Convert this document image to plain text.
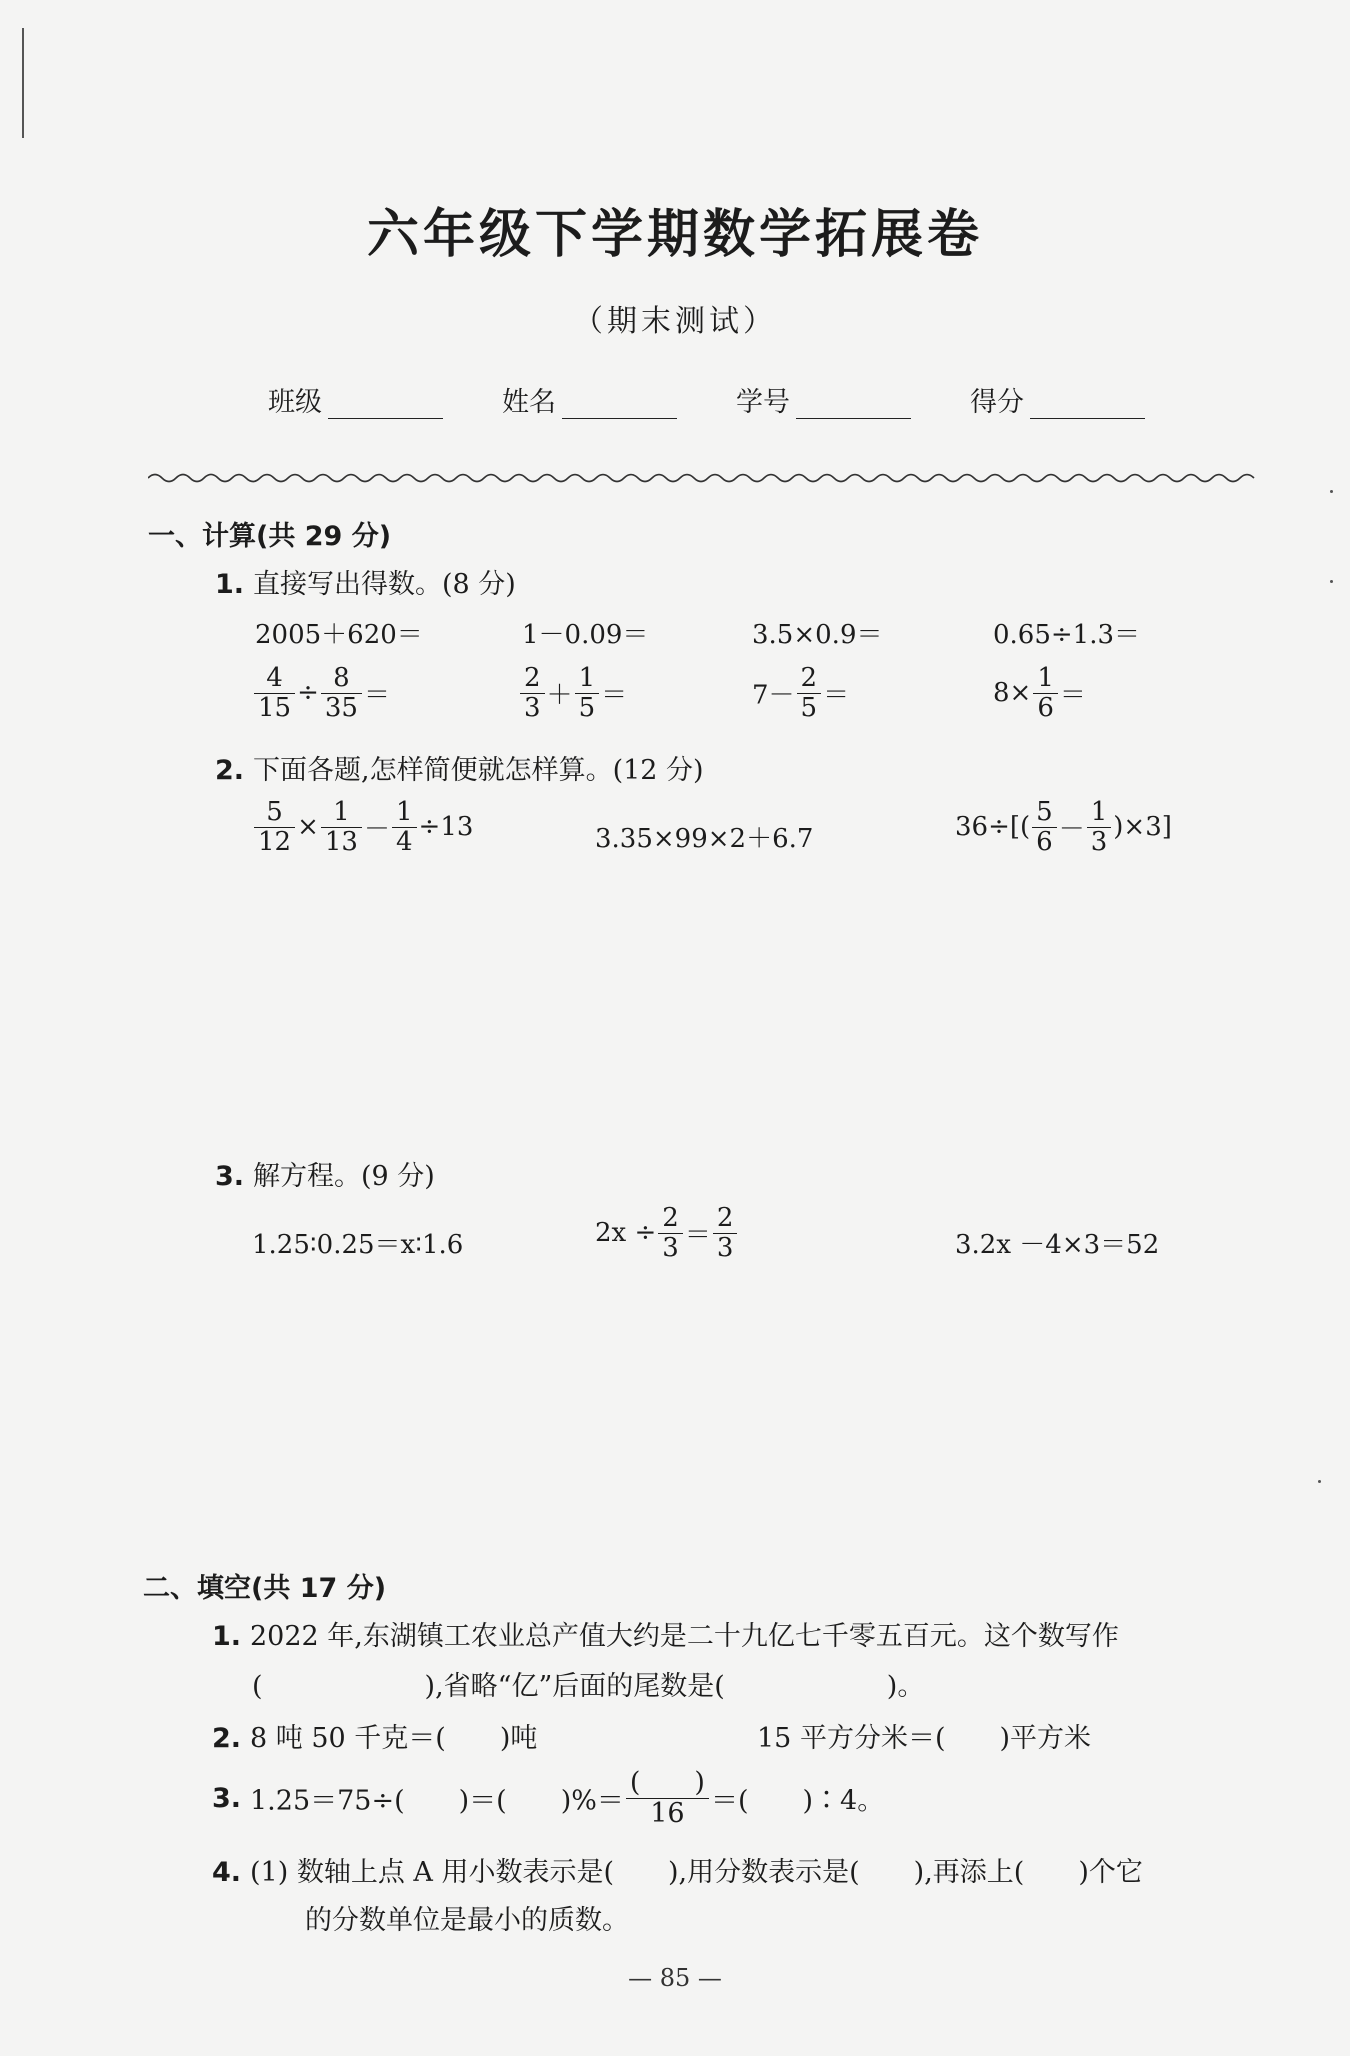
六年级下学期数学拓展卷
（期末测试）
班级	姓名	学号	得分
一、计算(共 29 分)
1. 直接写出得数。(8 分)
2005＋620＝	1－0.09＝	3.5×0.9＝	0.65÷1.3＝
$\frac{4}{15} \div \frac{8}{35}$ ＝	$\frac{2}{3} + \frac{1}{5}$ ＝	$7- \frac{2}{5}$ ＝	$8\times \frac{1}{6}$ ＝
2. 下面各题,怎样简便就怎样算。(12 分)
$\frac{5}{12} \times \frac{1}{13} - \frac{1}{4} \div 13$	3.35×99×2＋6.7	$36\div[( \frac{5}{6} - \frac{1}{3} )\times 3]$
3. 解方程。(9 分)
1.25∶0.25＝x∶1.6	$2x \div \frac{2}{3} = \frac{2}{3}$	3.2x －4×3＝52
二、填空(共 17 分)
1. 2022 年,东湖镇工农业总产值大约是二十九亿七千零五百元。这个数写作
(　　　　　　),省略“亿”后面的尾数是(　　　　　　)。
2. 8 吨 50 千克＝(　　)吨	15 平方分米＝(　　)平方米
3. 1.25＝75÷(　　)＝(　　)%＝ $\frac{( )}{16}$ ＝(　　)∶4。
4. (1) 数轴上点 A 用小数表示是(　　),用分数表示是(　　),再添上(　　)个它
的分数单位是最小的质数。
— 85 —
